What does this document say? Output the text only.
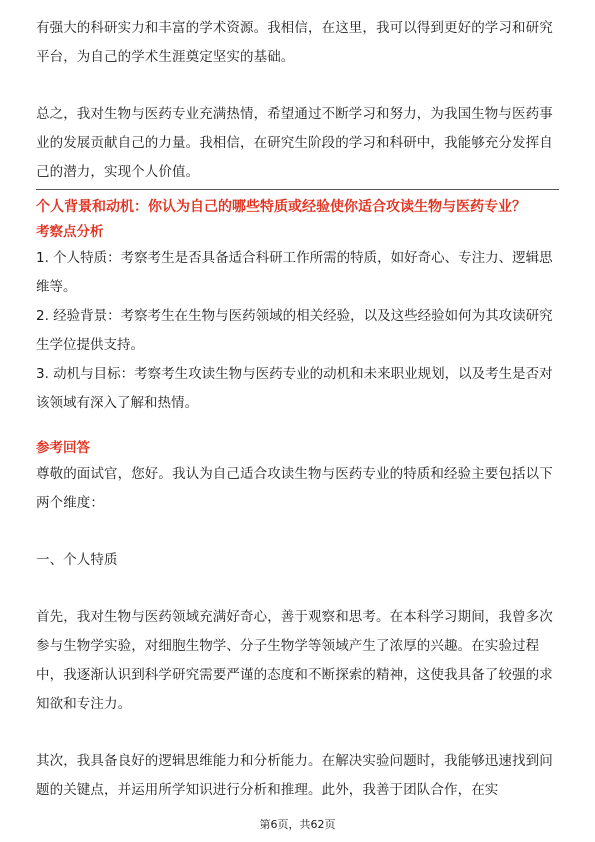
有强大的科研实力和丰富的学术资源。我相信，在这里，我可以得到更好的学习和研究平台，为自己的学术生涯奠定坚实的基础。

总之，我对生物与医药专业充满热情，希望通过不断学习和努力，为我国生物与医药事业的发展贡献自己的力量。我相信，在研究生阶段的学习和科研中，我能够充分发挥自己的潜力，实现个人价值。

个人背景和动机：你认为自己的哪些特质或经验使你适合攻读生物与医药专业？

考察点分析

1. 个人特质：考察考生是否具备适合科研工作所需的特质，如好奇心、专注力、逻辑思维等。

2. 经验背景：考察考生在生物与医药领域的相关经验，以及这些经验如何为其攻读研究生学位提供支持。

3. 动机与目标：考察考生攻读生物与医药专业的动机和未来职业规划，以及考生是否对该领域有深入了解和热情。

参考回答

尊敬的面试官，您好。我认为自己适合攻读生物与医药专业的特质和经验主要包括以下两个维度：

一、个人特质

首先，我对生物与医药领域充满好奇心，善于观察和思考。在本科学习期间，我曾多次参与生物学实验，对细胞生物学、分子生物学等领域产生了浓厚的兴趣。在实验过程中，我逐渐认识到科学研究需要严谨的态度和不断探索的精神，这使我具备了较强的求知欲和专注力。

其次，我具备良好的逻辑思维能力和分析能力。在解决实验问题时，我能够迅速找到问题的关键点，并运用所学知识进行分析和推理。此外，我善于团队合作，在实

第6页，共62页
